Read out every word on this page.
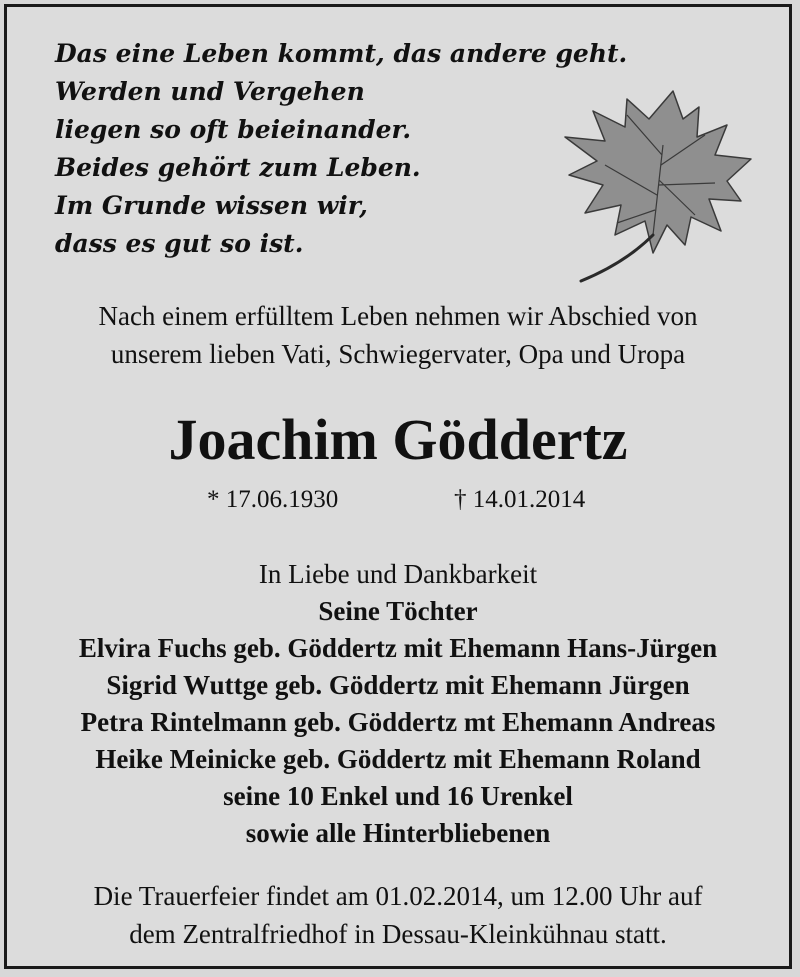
Das eine Leben kommt, das andere geht.
Werden und Vergehen
liegen so oft beieinander.
Beides gehört zum Leben.
Im Grunde wissen wir,
dass es gut so ist.
Nach einem erfülltem Leben nehmen wir Abschied von
unserem lieben Vati, Schwiegervater, Opa und Uropa
Joachim Göddertz
* 17.06.1930	† 14.01.2014
In Liebe und Dankbarkeit
Seine Töchter
Elvira Fuchs geb. Göddertz mit Ehemann Hans-Jürgen
Sigrid Wuttge geb. Göddertz mit Ehemann Jürgen
Petra Rintelmann geb. Göddertz mt Ehemann Andreas
Heike Meinicke geb. Göddertz mit Ehemann Roland
seine 10 Enkel und 16 Urenkel
sowie alle Hinterbliebenen
Die Trauerfeier findet am 01.02.2014, um 12.00 Uhr auf
dem Zentralfriedhof in Dessau-Kleinkühnau statt.
